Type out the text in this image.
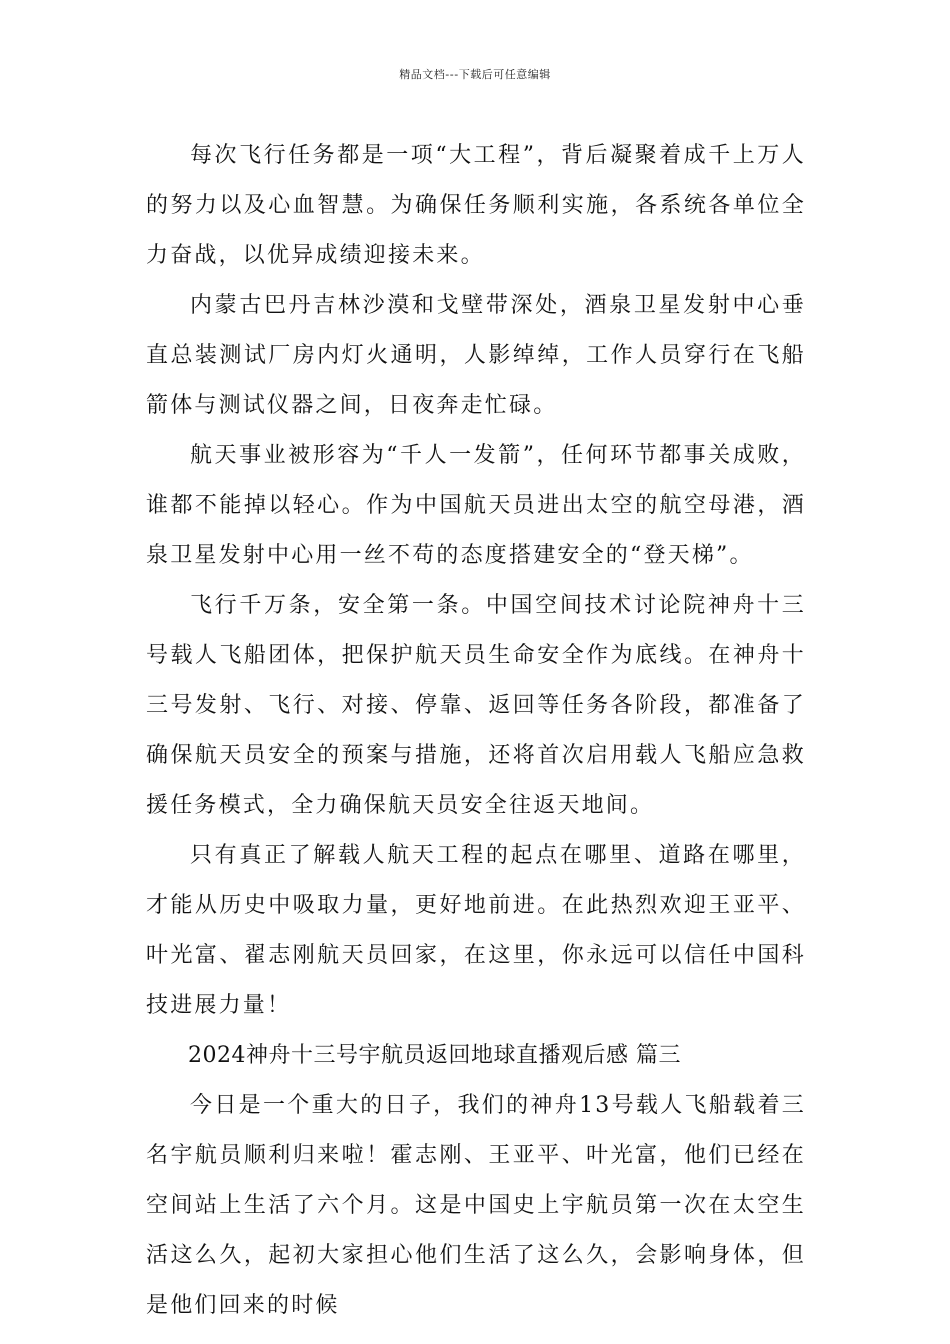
精品文档---下载后可任意编辑

每次飞行任务都是一项“大工程”，背后凝聚着成千上万人的努力以及心血智慧。为确保任务顺利实施，各系统各单位全力奋战，以优异成绩迎接未来。

内蒙古巴丹吉林沙漠和戈壁带深处，酒泉卫星发射中心垂直总装测试厂房内灯火通明，人影绰绰，工作人员穿行在飞船箭体与测试仪器之间，日夜奔走忙碌。

航天事业被形容为“千人一发箭”，任何环节都事关成败，谁都不能掉以轻心。作为中国航天员进出太空的航空母港，酒泉卫星发射中心用一丝不苟的态度搭建安全的“登天梯”。

飞行千万条，安全第一条。中国空间技术讨论院神舟十三号载人飞船团体，把保护航天员生命安全作为底线。在神舟十三号发射、飞行、对接、停靠、返回等任务各阶段，都准备了确保航天员安全的预案与措施，还将首次启用载人飞船应急救援任务模式，全力确保航天员安全往返天地间。

只有真正了解载人航天工程的起点在哪里、道路在哪里，才能从历史中吸取力量，更好地前进。在此热烈欢迎王亚平、叶光富、翟志刚航天员回家，在这里，你永远可以信任中国科技进展力量！

2024神舟十三号宇航员返回地球直播观后感 篇三

今日是一个重大的日子，我们的神舟13号载人飞船载着三名宇航员顺利归来啦！霍志刚、王亚平、叶光富，他们已经在空间站上生活了六个月。这是中国史上宇航员第一次在太空生活这么久，起初大家担心他们生活了这么久，会影响身体，但是他们回来的时候
